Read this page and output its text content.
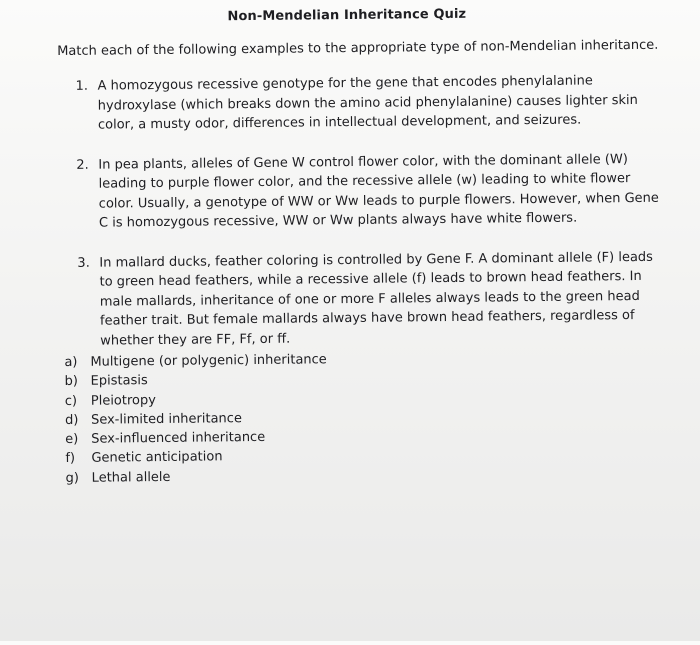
Non-Mendelian Inheritance Quiz
Match each of the following examples to the appropriate type of non-Mendelian inheritance.
1. A homozygous recessive genotype for the gene that encodes phenylalanine hydroxylase (which breaks down the amino acid phenylalanine) causes lighter skin color, a musty odor, differences in intellectual development, and seizures.
2. In pea plants, alleles of Gene W control flower color, with the dominant allele (W) leading to purple flower color, and the recessive allele (w) leading to white flower color. Usually, a genotype of WW or Ww leads to purple flowers. However, when Gene C is homozygous recessive, WW or Ww plants always have white flowers.
3. In mallard ducks, feather coloring is controlled by Gene F. A dominant allele (F) leads to green head feathers, while a recessive allele (f) leads to brown head feathers. In male mallards, inheritance of one or more F alleles always leads to the green head feather trait. But female mallards always have brown head feathers, regardless of whether they are FF, Ff, or ff.
a) Multigene (or polygenic) inheritance
b) Epistasis
c)	Pleiotropy
d) Sex-limited inheritance
e) Sex-influenced inheritance
f)	Genetic anticipation
g) Lethal allele
